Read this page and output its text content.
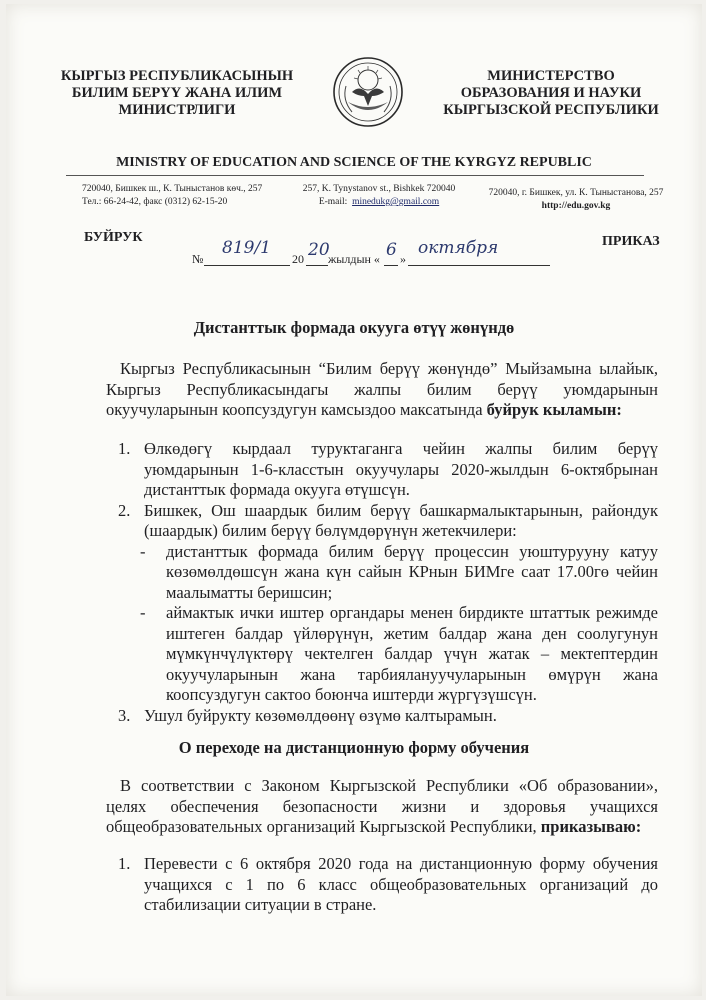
КЫРГЫЗ РЕСПУБЛИКАСЫНЫН
БИЛИМ БЕРҮҮ ЖАНА ИЛИМ
МИНИСТРЛИГИ
МИНИСТЕРСТВО
ОБРАЗОВАНИЯ И НАУКИ
КЫРГЫЗСКОЙ РЕСПУБЛИКИ
MINISTRY OF EDUCATION AND SCIENCE OF THE KYRGYZ REPUBLIC
720040, Бишкек ш., К. Тыныстанов көч., 257
Тел.: 66-24-42, факс (0312) 62-15-20
257, K. Tynystanov st., Bishkek 720040
E-mail: minedukg@gmail.com
720040, г. Бишкек, ул. К. Тыныстанова, 257
http://edu.gov.kg
БУЙРУК	ПРИКАЗ
№
819/1
20 20
жылдын « 6 »
октября
Дистанттык формада окууга өтүү жөнүндө
Кыргыз Республикасынын “Билим берүү жөнүндө” Мыйзамына ылайык, Кыргыз Республикасындагы жалпы билим берүү уюмдарынын окуучуларынын коопсуздугун камсыздоо максатында буйрук кыламын:
1. Өлкөдөгү кырдаал туруктаганга чейин жалпы билим берүү уюмдарынын 1-6-класстын окуучулары 2020-жылдын 6-октябрынан дистанттык формада окууга өтүшсүн.
2. Бишкек, Ош шаардык билим берүү башкармалыктарынын, райондук (шаардык) билим берүү бөлүмдөрүнүн жетекчилери:
- дистанттык формада билим берүү процессин уюштурууну катуу көзөмөлдөшсүн жана күн сайын КРнын БИМге саат 17.00гө чейин маалыматты беришсин;
- аймактык ички иштер органдары менен бирдикте штаттык режимде иштеген балдар үйлөрүнүн, жетим балдар жана ден соолугунун мүмкүнчүлүктөрү чектелген балдар үчүн жатак – мектептердин окуучуларынын жана тарбиялануучуларынын өмүрүн жана коопсуздугун сактоо боюнча иштерди жүргүзүшсүн.
3. Ушул буйрукту көзөмөлдөөнү өзүмө калтырамын.
О переходе на дистанционную форму обучения
В соответствии с Законом Кыргызской Республики «Об образовании», целях обеспечения безопасности жизни и здоровья учащихся общеобразовательных организаций Кыргызской Республики, приказываю:
1. Перевести с 6 октября 2020 года на дистанционную форму обучения учащихся с 1 по 6 класс общеобразовательных организаций до стабилизации ситуации в стране.
